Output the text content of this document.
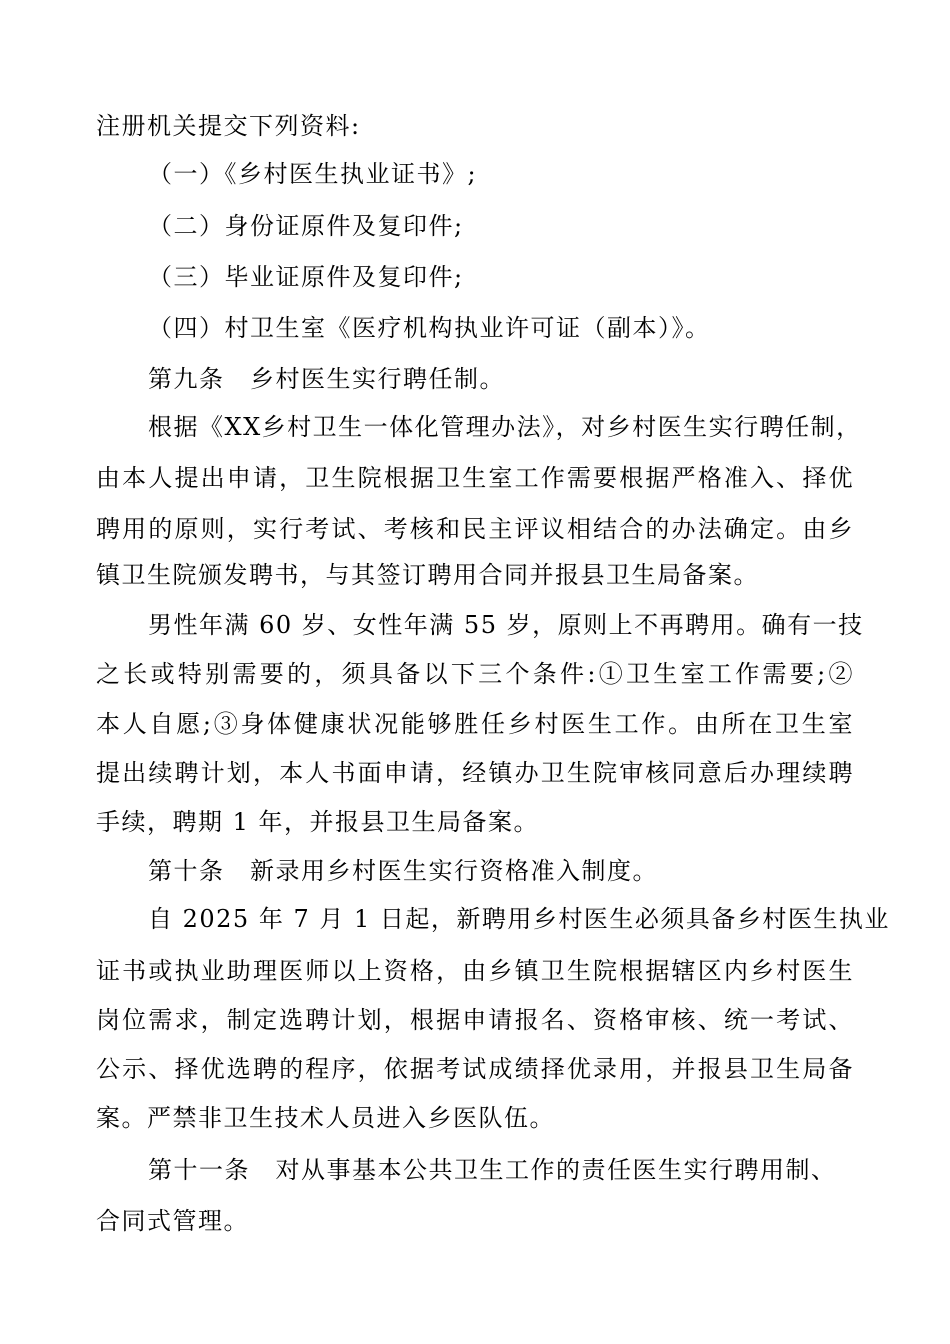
注册机关提交下列资料:
（一）《乡村医生执业证书》;
（二）身份证原件及复印件;
（三）毕业证原件及复印件;
（四）村卫生室《医疗机构执业许可证（副本）》。
第九条　乡村医生实行聘任制。
根据《XX乡村卫生一体化管理办法》，对乡村医生实行聘任制，
由本人提出申请，卫生院根据卫生室工作需要根据严格准入、择优
聘用的原则，实行考试、考核和民主评议相结合的办法确定。由乡
镇卫生院颁发聘书，与其签订聘用合同并报县卫生局备案。
男性年满 60 岁、女性年满 55 岁，原则上不再聘用。确有一技
之长或特别需要的，须具备以下三个条件:①卫生室工作需要;②
本人自愿;③身体健康状况能够胜任乡村医生工作。由所在卫生室
提出续聘计划，本人书面申请，经镇办卫生院审核同意后办理续聘
手续，聘期 1 年，并报县卫生局备案。
第十条　新录用乡村医生实行资格准入制度。
自 2025 年 7 月 1 日起，新聘用乡村医生必须具备乡村医生执业
证书或执业助理医师以上资格，由乡镇卫生院根据辖区内乡村医生
岗位需求，制定选聘计划，根据申请报名、资格审核、统一考试、
公示、择优选聘的程序，依据考试成绩择优录用，并报县卫生局备
案。严禁非卫生技术人员进入乡医队伍。
第十一条　对从事基本公共卫生工作的责任医生实行聘用制、
合同式管理。
